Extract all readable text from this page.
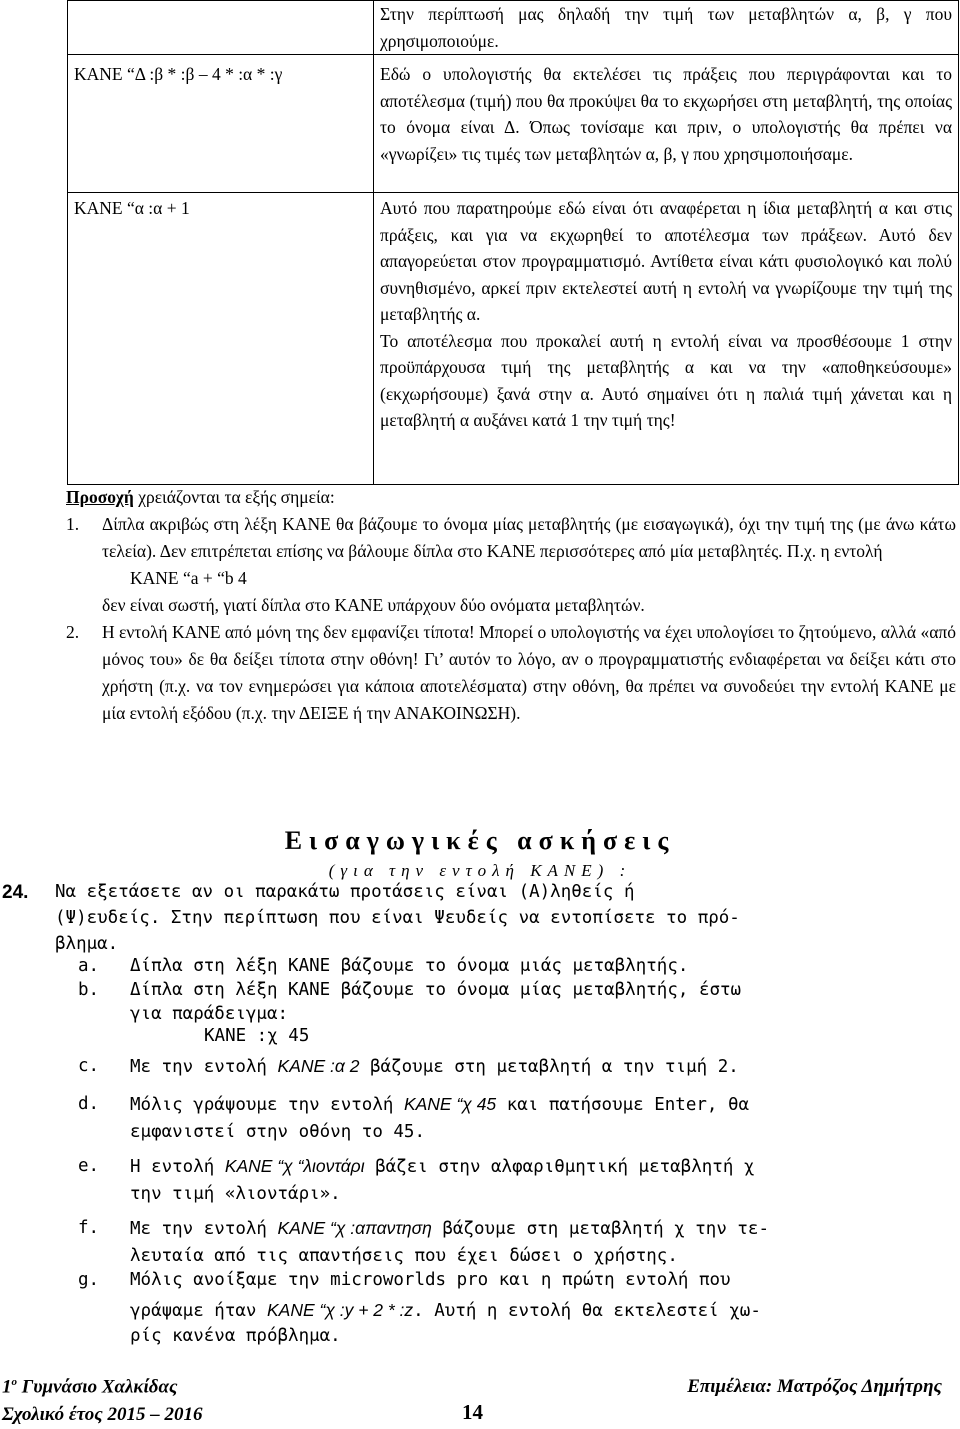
	Στην περίπτωσή μας δηλαδή την τιμή των μεταβλητών α, β, γ που χρησιμοποιούμε.
ΚΑΝΕ “Δ :β * :β – 4 * :α * :γ	Εδώ ο υπολογιστής θα εκτελέσει τις πράξεις που περιγράφονται και το αποτέλεσμα (τιμή) που θα προκύψει θα το εκχωρήσει στη μεταβλητή, της οποίας το όνομα είναι Δ. Όπως τονίσαμε και πριν, ο υπολογιστής θα πρέπει να «γνωρίζει» τις τιμές των μεταβλητών α, β, γ που χρησιμοποιήσαμε.
ΚΑΝΕ “α :α + 1	Αυτό που παρατηρούμε εδώ είναι ότι αναφέρεται η ίδια μεταβλητή α και στις πράξεις, και για να εκχωρηθεί το αποτέλεσμα των πράξεων. Αυτό δεν απαγορεύεται στον προγραμματισμό. Αντίθετα είναι κάτι φυσιολογικό και πολύ συνηθισμένο, αρκεί πριν εκτελεστεί αυτή η εντολή να γνωρίζουμε την τιμή της μεταβλητής α.
Το αποτέλεσμα που προκαλεί αυτή η εντολή είναι να προσθέσουμε 1 στην προϋπάρχουσα τιμή της μεταβλητής α και να την «αποθηκεύσουμε» (εκχωρήσουμε) ξανά στην α. Αυτό σημαίνει ότι η παλιά τιμή χάνεται και η μεταβλητή α αυξάνει κατά 1 την τιμή της!
Προσοχή χρειάζονται τα εξής σημεία:
1. Δίπλα ακριβώς στη λέξη ΚΑΝΕ θα βάζουμε το όνομα μίας μεταβλητής (με εισαγωγικά), όχι την τιμή της (με άνω κάτω τελεία). Δεν επιτρέπεται επίσης να βάλουμε δίπλα στο ΚΑΝΕ περισσότερες από μία μεταβλητές. Π.χ. η εντολή
ΚΑΝΕ “a + “b 4
δεν είναι σωστή, γιατί δίπλα στο ΚΑΝΕ υπάρχουν δύο ονόματα μεταβλητών.
2. Η εντολή ΚΑΝΕ από μόνη της δεν εμφανίζει τίποτα! Μπορεί ο υπολογιστής να έχει υπολογίσει το ζητούμενο, αλλά «από μόνος του» δε θα δείξει τίποτα στην οθόνη! Γι’ αυτόν το λόγο, αν ο προγραμματιστής ενδιαφέρεται να δείξει κάτι στο χρήστη (π.χ. να τον ενημερώσει για κάποια αποτελέσματα) στην οθόνη, θα πρέπει να συνοδεύει την εντολή ΚΑΝΕ με μία εντολή εξόδου (π.χ. την ΔΕΙΞΕ ή την ΑΝΑΚΟΙΝΩΣΗ).
Εισαγωγικές ασκήσεις
(για την εντολή ΚΑΝΕ) :
24. Να εξετάσετε αν οι παρακάτω προτάσεις είναι (Α)ληθείς ή
(Ψ)ευδείς. Στην περίπτωση που είναι Ψευδείς να εντοπίσετε το πρό-
βλημα.
a. Δίπλα στη λέξη ΚΑΝΕ βάζουμε το όνομα μιάς μεταβλητής.
b. Δίπλα στη λέξη ΚΑΝΕ βάζουμε το όνομα μίας μεταβλητής, έστω
για παράδειγμα:
ΚΑΝΕ :χ 45
c. Με την εντολή ΚΑΝΕ :α 2 βάζουμε στη μεταβλητή α την τιμή 2.
d. Μόλις γράψουμε την εντολή ΚΑΝΕ “χ 45 και πατήσουμε Enter, θα
εμφανιστεί στην οθόνη το 45.
e. Η εντολή ΚΑΝΕ “χ “λιοντάρι βάζει στην αλφαριθμητική μεταβλητή χ
την τιμή «λιοντάρι».
f. Με την εντολή ΚΑΝΕ “χ :απαντηση βάζουμε στη μεταβλητή χ την τε-
λευταία από τις απαντήσεις που έχει δώσει ο χρήστης.
g. Μόλις ανοίξαμε την microworlds pro και η πρώτη εντολή που
γράψαμε ήταν ΚΑΝΕ “χ :y + 2 * :z. Αυτή η εντολή θα εκτελεστεί χω-
ρίς κανένα πρόβλημα.
$1^o$ Γυμνάσιο Χαλκίδας
Σχολικό έτος 2015 – 2016	14
Επιμέλεια: Ματρόζος Δημήτρης
